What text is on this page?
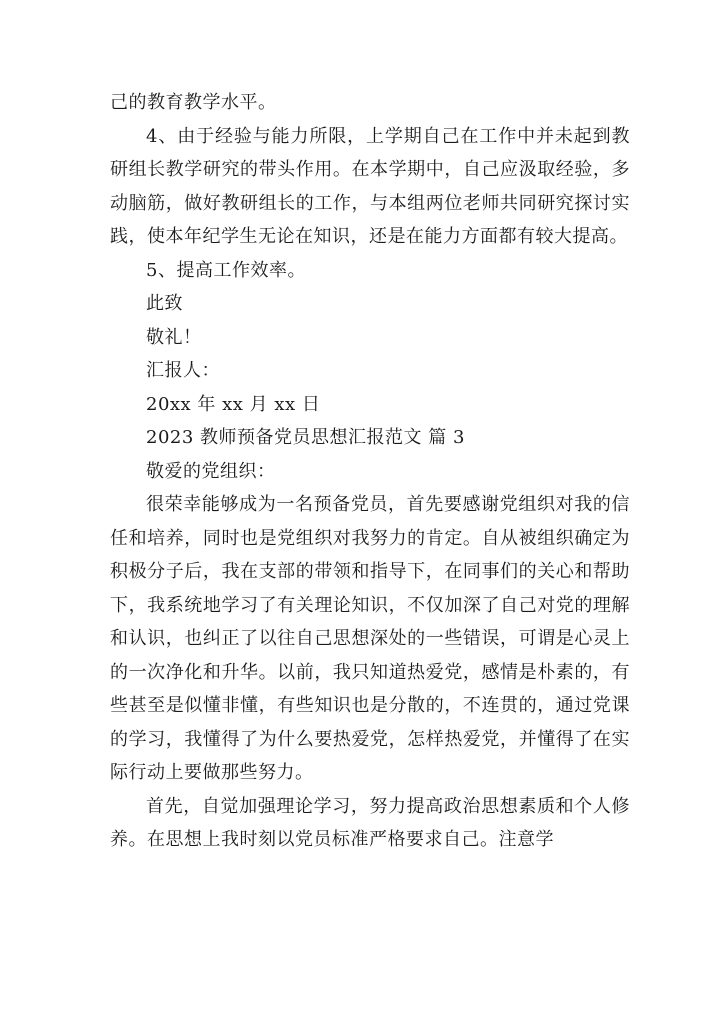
己的教育教学水平。

4、由于经验与能力所限，上学期自己在工作中并未起到教研组长教学研究的带头作用。在本学期中，自己应汲取经验，多动脑筋，做好教研组长的工作，与本组两位老师共同研究探讨实践，使本年纪学生无论在知识，还是在能力方面都有较大提高。

5、提高工作效率。

此致

敬礼！

汇报人：

20xx 年 xx 月 xx 日

2023 教师预备党员思想汇报范文 篇 3

敬爱的党组织：

很荣幸能够成为一名预备党员，首先要感谢党组织对我的信任和培养，同时也是党组织对我努力的肯定。自从被组织确定为积极分子后，我在支部的带领和指导下，在同事们的关心和帮助下，我系统地学习了有关理论知识，不仅加深了自己对党的理解和认识，也纠正了以往自己思想深处的一些错误，可谓是心灵上的一次净化和升华。以前，我只知道热爱党，感情是朴素的，有些甚至是似懂非懂，有些知识也是分散的，不连贯的，通过党课的学习，我懂得了为什么要热爱党，怎样热爱党，并懂得了在实际行动上要做那些努力。

首先，自觉加强理论学习，努力提高政治思想素质和个人修养。在思想上我时刻以党员标准严格要求自己。注意学
